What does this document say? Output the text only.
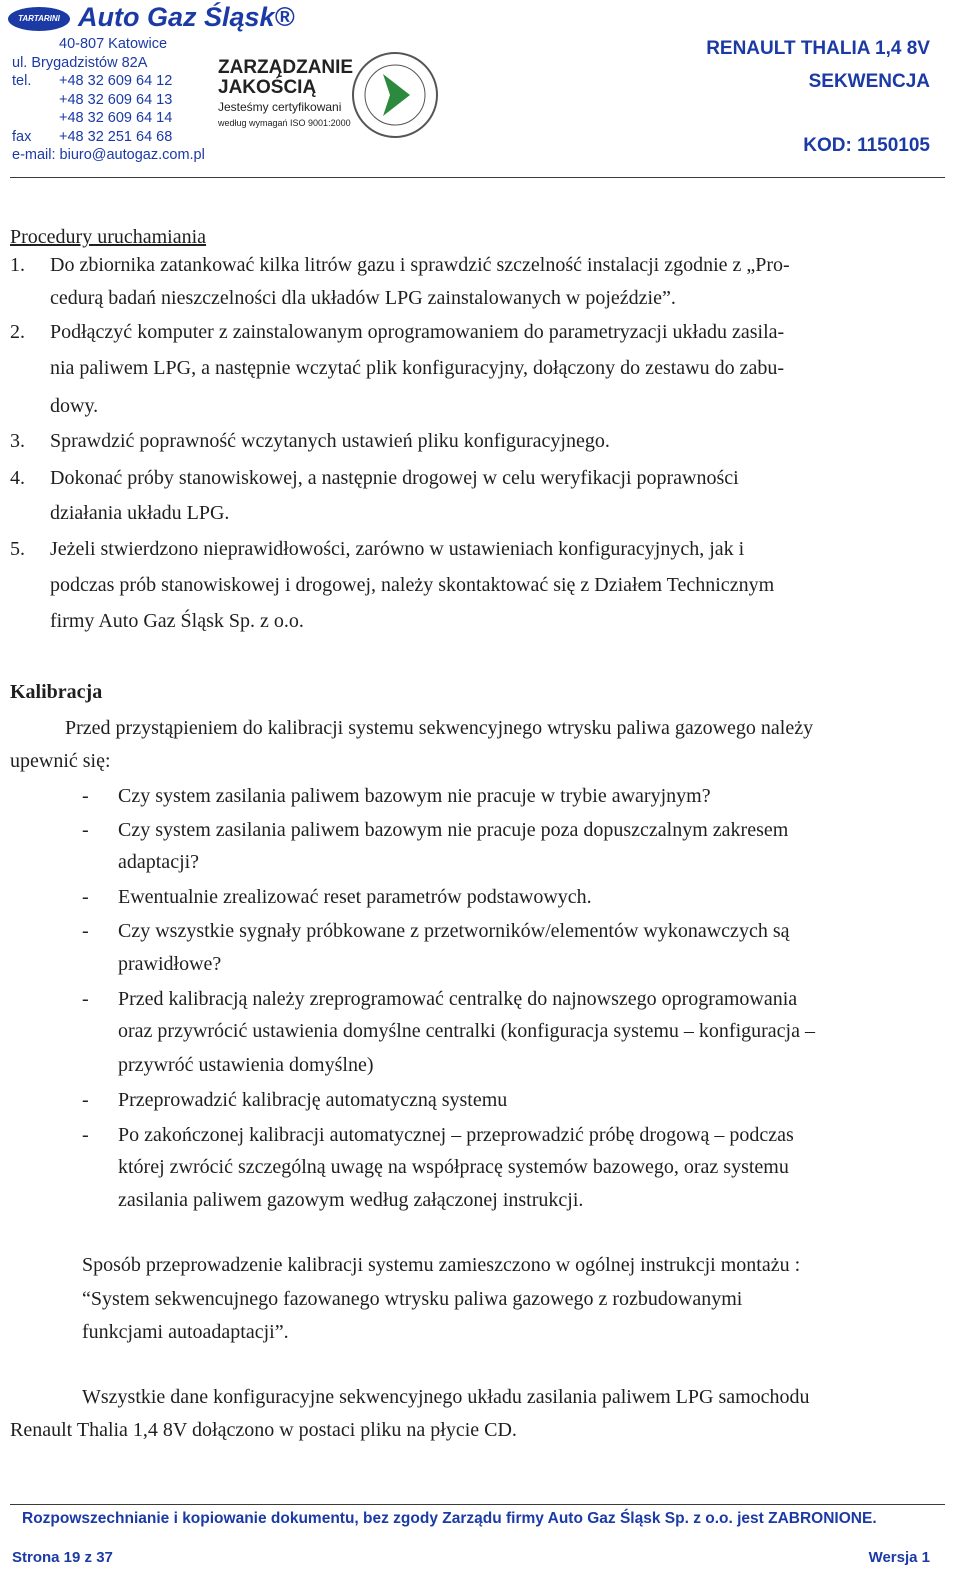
TARTARINI Auto Gaz Śląsk®
40-807 Katowice
ul. Brygadzistów 82A
tel. +48 32 609 64 12
+48 32 609 64 13
+48 32 609 64 14
fax +48 32 251 64 68
e-mail: biuro@autogaz.com.pl
ZARZĄDZANIE
JAKOŚCIĄ
Jesteśmy certyfikowani
według wymagań ISO 9001:2000
RENAULT THALIA 1,4 8V
SEKWENCJA
KOD: 1150105
Procedury uruchamiania
1. Do zbiornika zatankować kilka litrów gazu i sprawdzić szczelność instalacji zgodnie z „Pro-
cedurą badań nieszczelności dla układów LPG zainstalowanych w pojeździe”.
2. Podłączyć komputer z zainstalowanym oprogramowaniem do parametryzacji układu zasila-
nia paliwem LPG, a następnie wczytać plik konfiguracyjny, dołączony do zestawu do zabu-
dowy.
3. Sprawdzić poprawność wczytanych ustawień pliku konfiguracyjnego.
4. Dokonać próby stanowiskowej, a następnie drogowej w celu weryfikacji poprawności
działania układu LPG.
5. Jeżeli stwierdzono nieprawidłowości, zarówno w ustawieniach konfiguracyjnych, jak i
podczas prób stanowiskowej i drogowej, należy skontaktować się z Działem Technicznym
firmy Auto Gaz Śląsk Sp. z o.o.
Kalibracja
Przed przystąpieniem do kalibracji systemu sekwencyjnego wtrysku paliwa gazowego należy
upewnić się:
- Czy system zasilania paliwem bazowym nie pracuje w trybie awaryjnym?
- Czy system zasilania paliwem bazowym nie pracuje poza dopuszczalnym zakresem
adaptacji?
- Ewentualnie zrealizować reset parametrów podstawowych.
- Czy wszystkie sygnały próbkowane z przetworników/elementów wykonawczych są
prawidłowe?
- Przed kalibracją należy zreprogramować centralkę do najnowszego oprogramowania
oraz przywrócić ustawienia domyślne centralki (konfiguracja systemu – konfiguracja –
przywróć ustawienia domyślne)
- Przeprowadzić kalibrację automatyczną systemu
- Po zakończonej kalibracji automatycznej – przeprowadzić próbę drogową – podczas
której zwrócić szczególną uwagę na współpracę systemów bazowego, oraz systemu
zasilania paliwem gazowym według załączonej instrukcji.
Sposób przeprowadzenie kalibracji systemu zamieszczono w ogólnej instrukcji montażu :
“System sekwencujnego fazowanego wtrysku paliwa gazowego z rozbudowanymi
funkcjami autoadaptacji”.
Wszystkie dane konfiguracyjne sekwencyjnego układu zasilania paliwem LPG samochodu
Renault Thalia 1,4 8V dołączono w postaci pliku na płycie CD.
Rozpowszechnianie i kopiowanie dokumentu, bez zgody Zarządu firmy Auto Gaz Śląsk Sp. z o.o. jest ZABRONIONE.
Strona 19 z 37	Wersja 1
